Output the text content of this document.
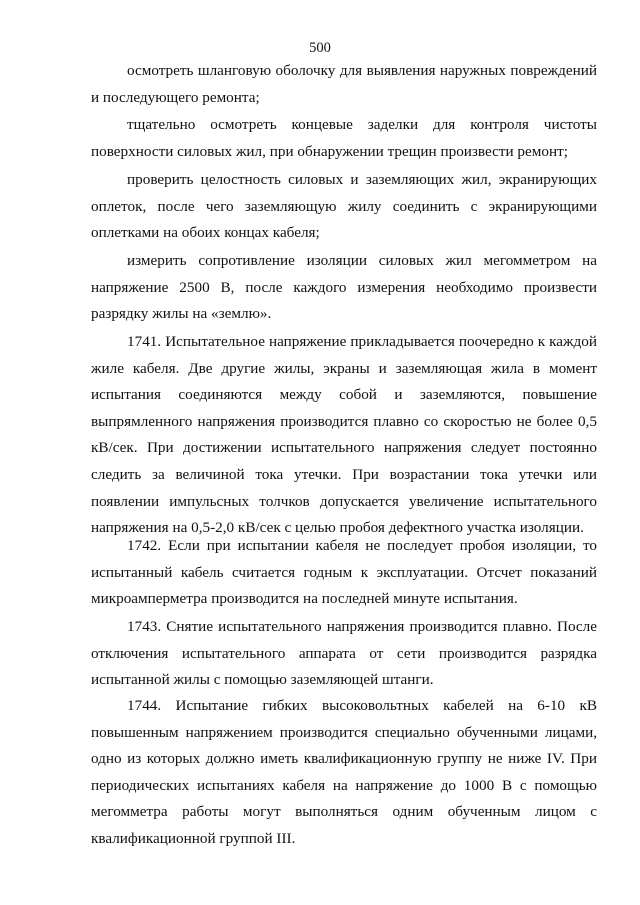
500

осмотреть шланговую оболочку для выявления наружных повреждений и последующего ремонта;

тщательно осмотреть концевые заделки для контроля чистоты поверхности силовых жил, при обнаружении трещин произвести ремонт;

проверить целостность силовых и заземляющих жил, экранирующих оплеток, после чего заземляющую жилу соединить с экранирующими оплетками на обоих концах кабеля;

измерить сопротивление изоляции силовых жил мегомметром на напряжение 2500 В, после каждого измерения необходимо произвести разрядку жилы на «землю».

1741. Испытательное напряжение прикладывается поочередно к каждой жиле кабеля. Две другие жилы, экраны и заземляющая жила в момент испытания соединяются между собой и заземляются, повышение выпрямленного напряжения производится плавно со скоростью не более 0,5 кВ/сек. При достижении испытательного напряжения следует постоянно следить за величиной тока утечки. При возрастании тока утечки или появлении импульсных толчков допускается увеличение испытательного напряжения на 0,5-2,0 кВ/сек с целью пробоя дефектного участка изоляции.

1742. Если при испытании кабеля не последует пробоя изоляции, то испытанный кабель считается годным к эксплуатации. Отсчет показаний микроамперметра производится на последней минуте испытания.

1743. Снятие испытательного напряжения производится плавно. После отключения испытательного аппарата от сети производится разрядка испытанной жилы с помощью заземляющей штанги.

1744. Испытание гибких высоковольтных кабелей на 6-10 кВ повышенным напряжением производится специально обученными лицами, одно из которых должно иметь квалификационную группу не ниже IV. При периодических испытаниях кабеля на напряжение до 1000 В с помощью мегомметра работы могут выполняться одним обученным лицом с квалификационной группой III.
